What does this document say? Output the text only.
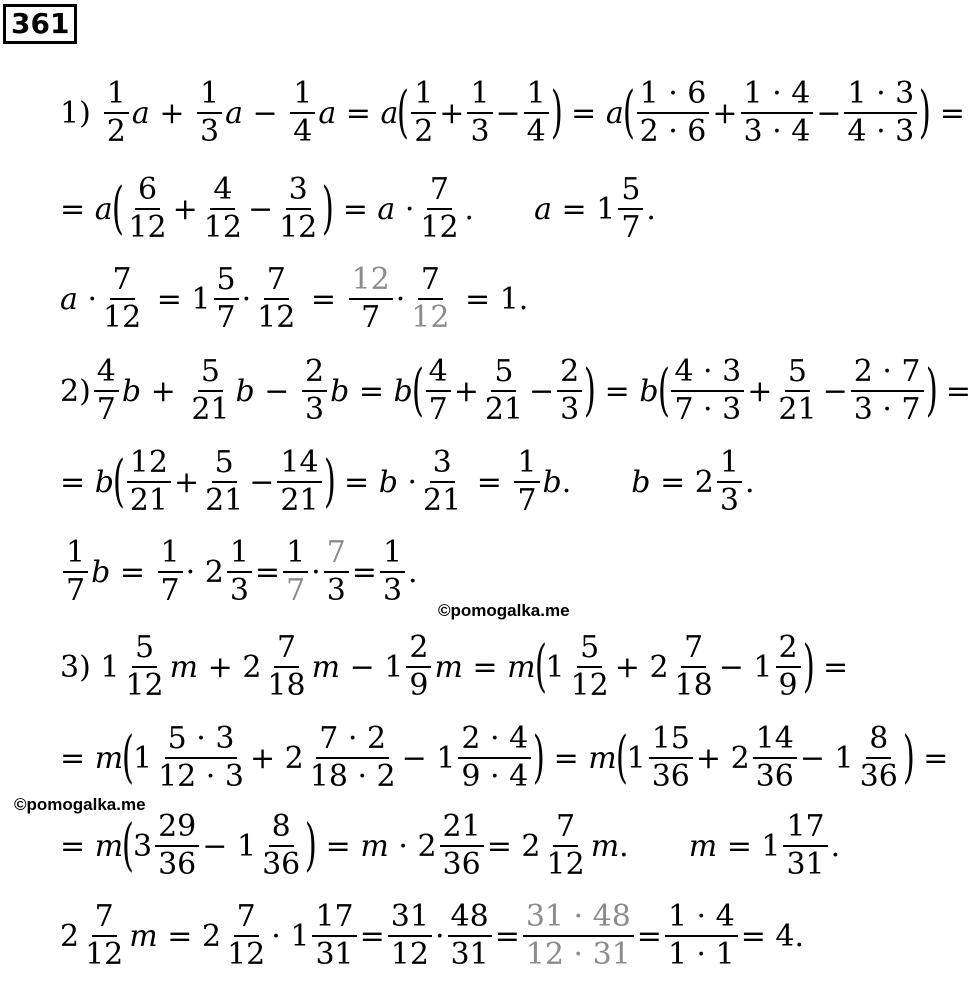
361
©pomogalka.me
©pomogalka.me
$1) \frac{1}{2}$ a
+
$\frac{1}{3}$ a
−
$\frac{1}{4}$ a
=
a
( $\frac{1}{2} + \frac{1}{3} - \frac{1}{4}$ )
=
a
( $\frac{1 \cdot 6}{2 \cdot 6} + \frac{1 \cdot 4}{3 \cdot 4} - \frac{1 \cdot 3}{4 \cdot 3}$ )
=
=
a
( $\frac{6}{12} + \frac{4}{12} - \frac{3}{12}$ )
=
a
· $\frac{7}{12}$ . a
=
$1 \frac{5}{7}$ .
a
· $\frac{7}{12}$
=
$1 \frac{5}{7} \cdot \frac{7}{12}$
=
$\frac{12}{7} \cdot \frac{7}{12}$
=
1.
$2) \frac{4}{7}$ b
+
$\frac{5}{21}$ b
−
$\frac{2}{3}$ b
=
b
( $\frac{4}{7} + \frac{5}{21} - \frac{2}{3}$ )
=
b
( $\frac{4 \cdot 3}{7 \cdot 3} + \frac{5}{21} - \frac{2 \cdot 7}{3 \cdot 7}$ )
=
=
b
( $\frac{12}{21} + \frac{5}{21} - \frac{14}{21}$ )
=
b
· $\frac{3}{21}$
=
$\frac{1}{7}$ b . b
=
$2 \frac{1}{3}$ .
$\frac{1}{7}$ b
=
$\frac{1}{7}$ ·
$2 \frac{1}{3} = \frac{1}{7} \cdot \frac{7}{3} = \frac{1}{3}$ .
3)
$1 \frac{5}{12}$ m
+
$2 \frac{7}{18}$ m
−
$1 \frac{2}{9}$ m
=
m
(
$1 \frac{5}{12}$ +
$2 \frac{7}{18}$ −
$1 \frac{2}{9}$ )
=
=
m
(
$1 \frac{5 \cdot 3}{12 \cdot 3}$ +
$2 \frac{7 \cdot 2}{18 \cdot 2}$ −
$1 \frac{2 \cdot 4}{9 \cdot 4}$ )
=
m
(
$1 \frac{15}{36}$ +
$2 \frac{14}{36}$ −
$1 \frac{8}{36}$ )
=
=
m
(
$3 \frac{29}{36}$ −
$1 \frac{8}{36}$ )
=
m
·
$2 \frac{21}{36}$ =
$2 \frac{7}{12}$ m . m
=
$1 \frac{17}{31}$ .
$2 \frac{7}{12}$ m
=
$2 \frac{7}{12}$ ·
$1 \frac{17}{31} = \frac{31}{12} \cdot \frac{48}{31} = \frac{31 \cdot 48}{12 \cdot 31} = \frac{1 \cdot 4}{1 \cdot 1}$ =
4.
